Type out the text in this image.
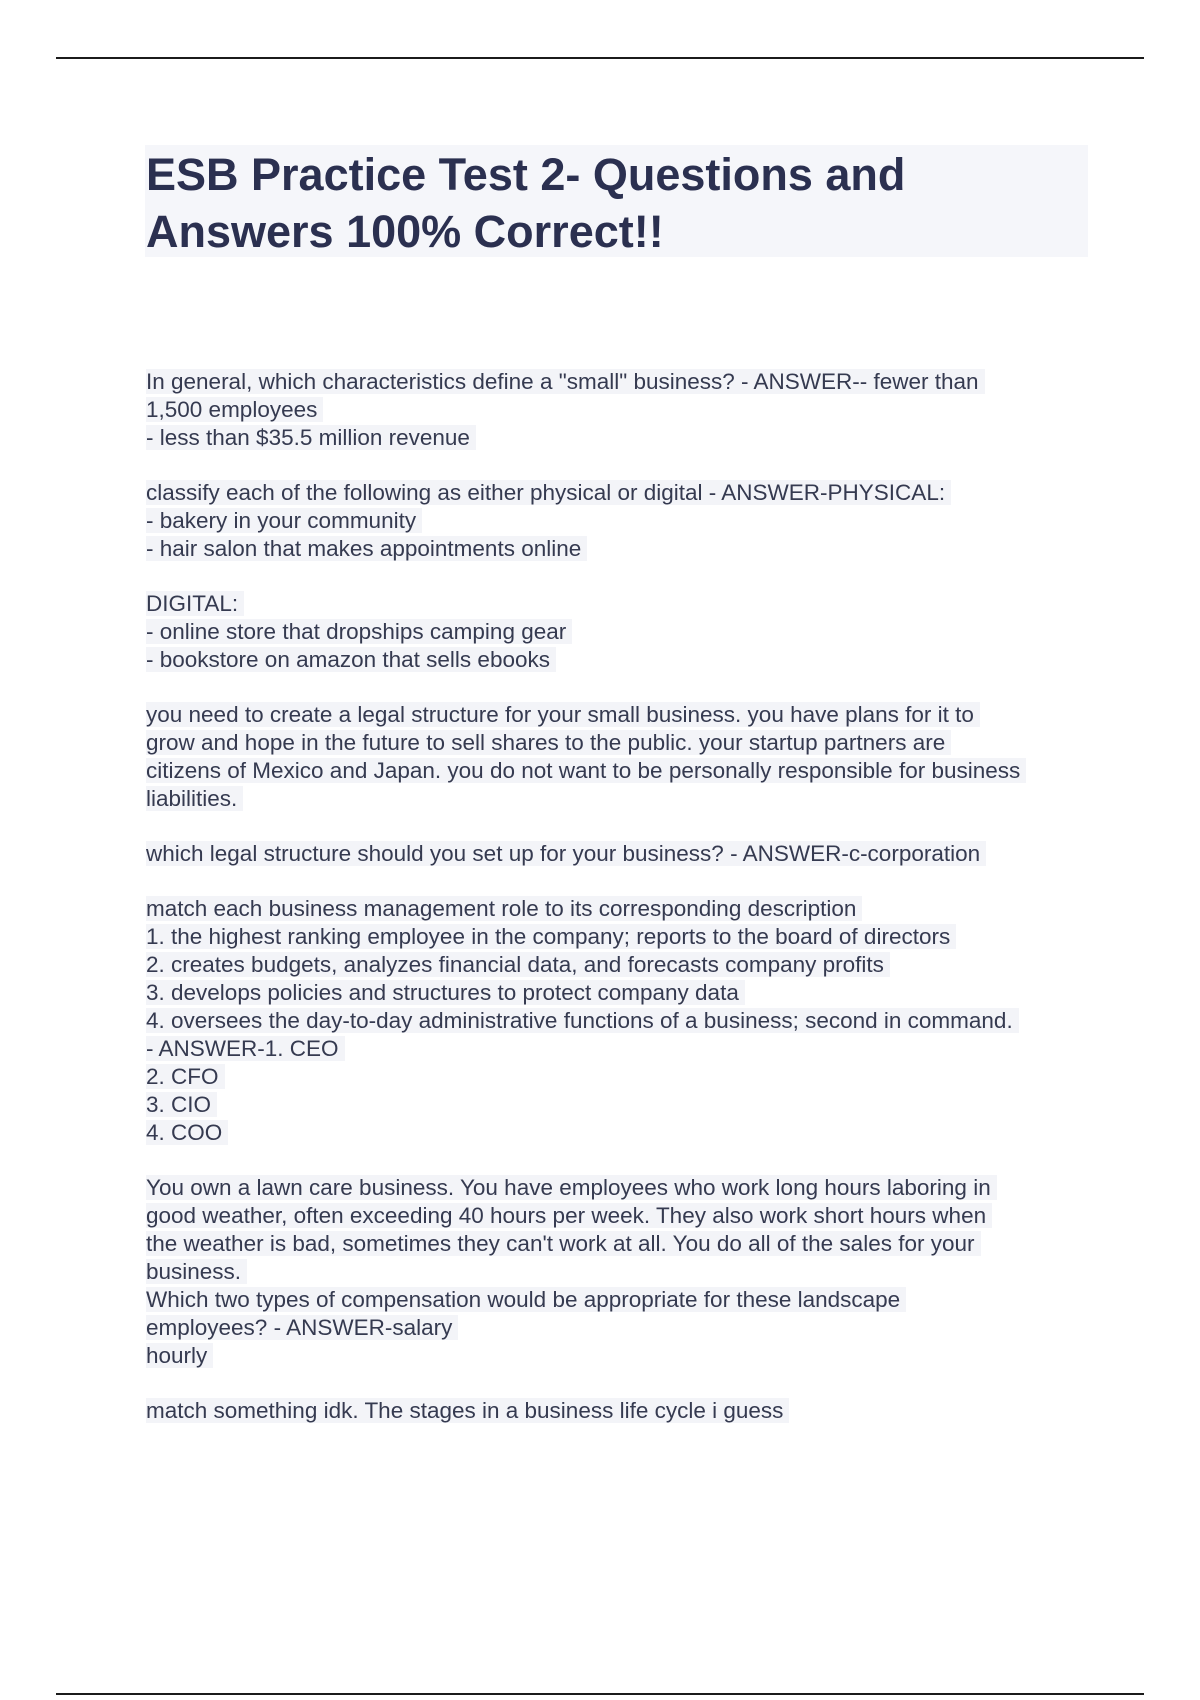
ESB Practice Test 2- Questions and
Answers 100% Correct!!
In general, which characteristics define a "small" business? - ANSWER-- fewer than
1,500 employees
- less than $35.5 million revenue
classify each of the following as either physical or digital - ANSWER-PHYSICAL:
- bakery in your community
- hair salon that makes appointments online
DIGITAL:
- online store that dropships camping gear
- bookstore on amazon that sells ebooks
you need to create a legal structure for your small business. you have plans for it to
grow and hope in the future to sell shares to the public. your startup partners are
citizens of Mexico and Japan. you do not want to be personally responsible for business
liabilities.
which legal structure should you set up for your business? - ANSWER-c-corporation
match each business management role to its corresponding description
1. the highest ranking employee in the company; reports to the board of directors
2. creates budgets, analyzes financial data, and forecasts company profits
3. develops policies and structures to protect company data
4. oversees the day-to-day administrative functions of a business; second in command.
- ANSWER-1. CEO
2. CFO
3. CIO
4. COO
You own a lawn care business. You have employees who work long hours laboring in
good weather, often exceeding 40 hours per week. They also work short hours when
the weather is bad, sometimes they can't work at all. You do all of the sales for your
business.
Which two types of compensation would be appropriate for these landscape
employees? - ANSWER-salary
hourly
match something idk. The stages in a business life cycle i guess
